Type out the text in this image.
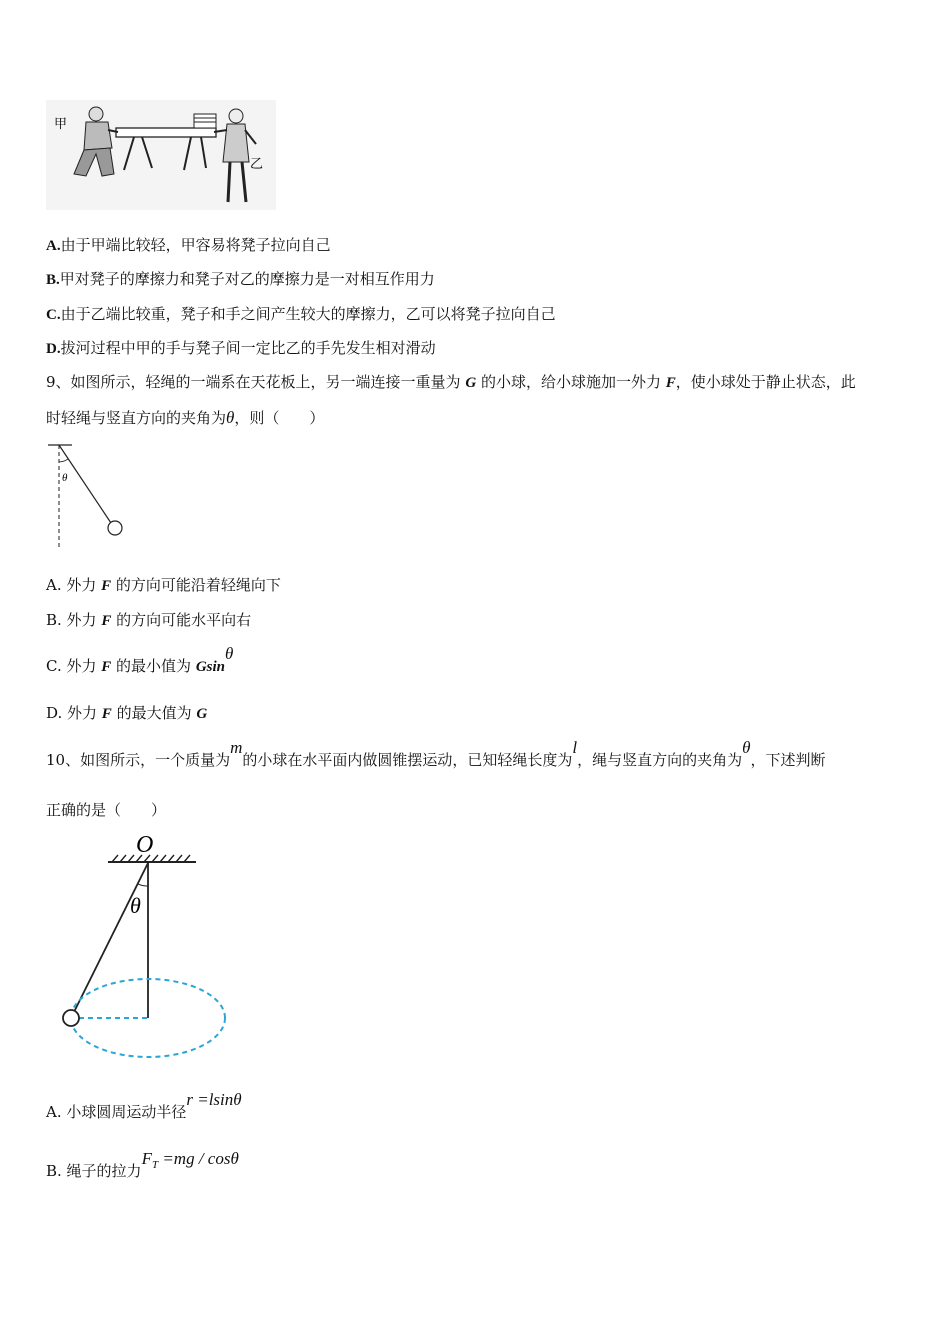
甲
乙
A.由于甲端比较轻，甲容易将凳子拉向自己
B.甲对凳子的摩擦力和凳子对乙的摩擦力是一对相互作用力
C.由于乙端比较重，凳子和手之间产生较大的摩擦力，乙可以将凳子拉向自己
D.拔河过程中甲的手与凳子间一定比乙的手先发生相对滑动
9、如图所示，轻绳的一端系在天花板上，另一端连接一重量为 G 的小球，给小球施加一外力 F，使小球处于静止状态，此
时轻绳与竖直方向的夹角为θ，则（　　）
θ
A. 外力 F 的方向可能沿着轻绳向下
B. 外力 F 的方向可能水平向右
C. 外力 F 的最小值为 Gsinθ
D. 外力 F 的最大值为 G
10、如图所示，一个质量为m的小球在水平面内做圆锥摆运动，已知轻绳长度为l，绳与竖直方向的夹角为θ，下述判断
正确的是（　　）
O
θ
A. 小球圆周运动半径r =lsinθ
B. 绳子的拉力$F_T =mg / \cos\theta$
